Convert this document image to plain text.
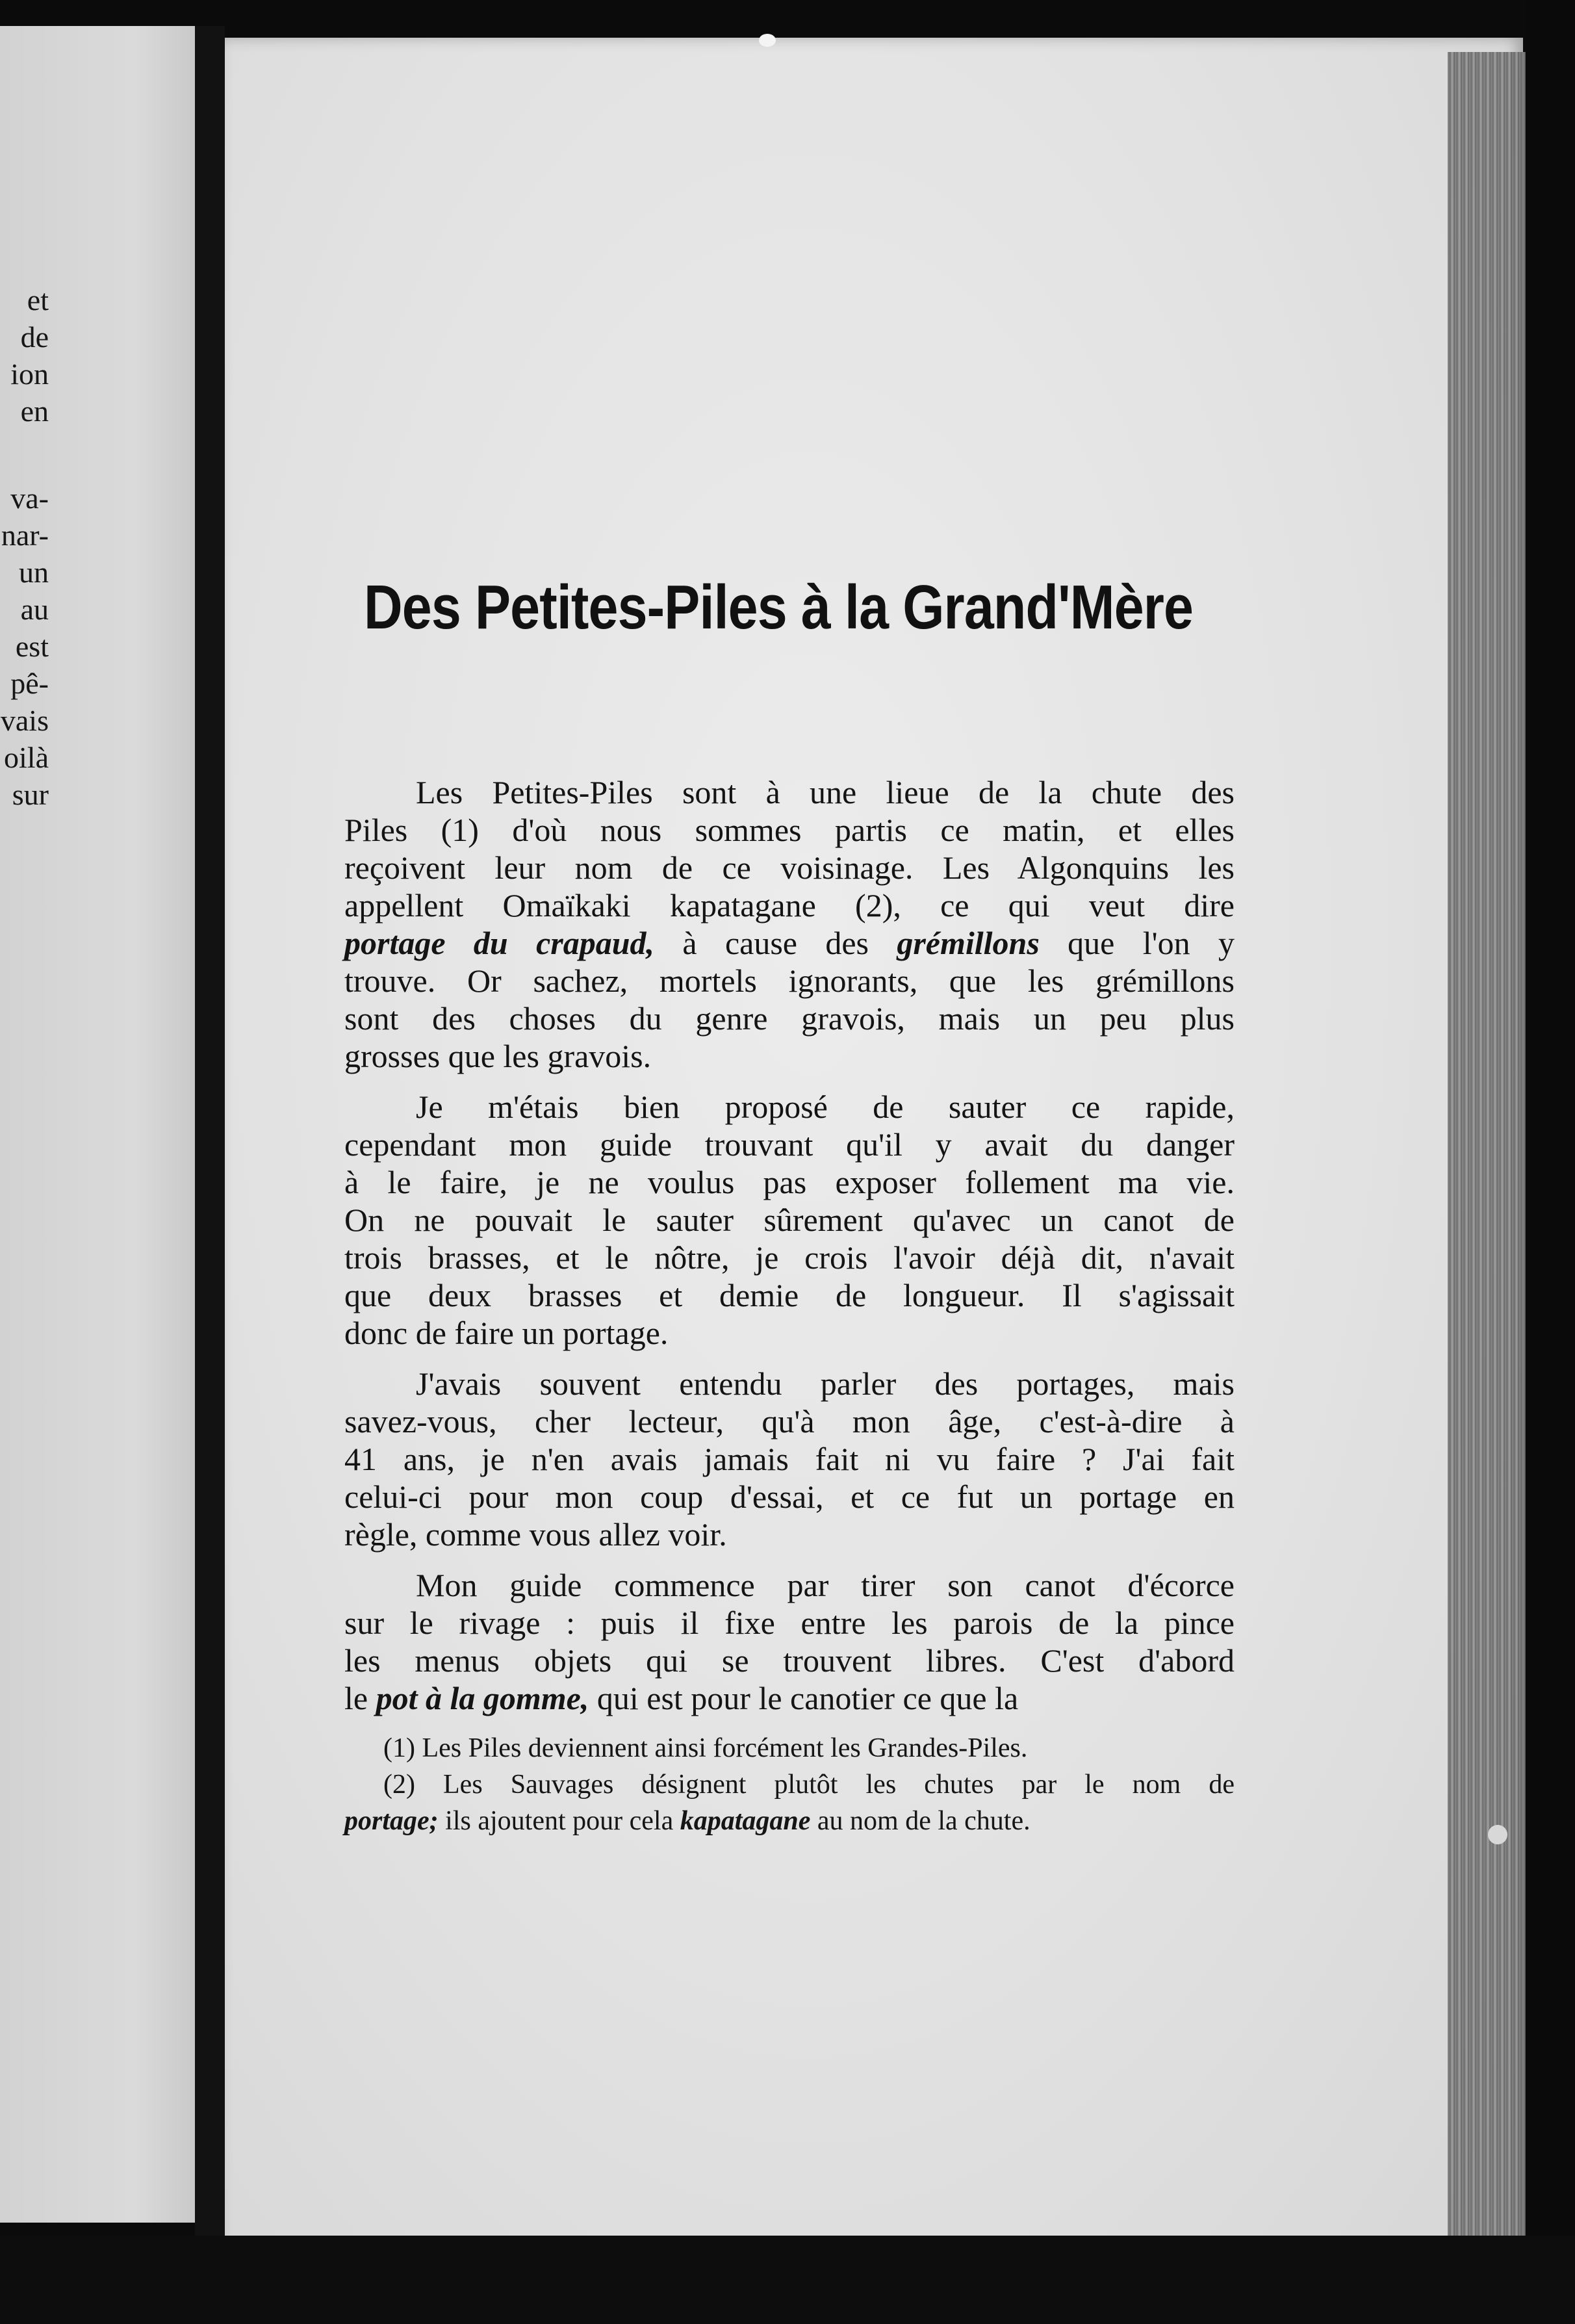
et
de
ion
en
va-
nar-
un
au
est
pê-
vais
oilà
sur
Des Petites-Piles à la Grand'Mère
Les Petites-Piles sont à une lieue de la chute des
Piles (1) d'où nous sommes partis ce matin, et elles
reçoivent leur nom de ce voisinage. Les Algonquins les
appellent Omaïkaki kapatagane (2), ce qui veut dire
portage du crapaud, à cause des grémillons que l'on y
trouve. Or sachez, mortels ignorants, que les grémillons
sont des choses du genre gravois, mais un peu plus
grosses que les gravois.
Je m'étais bien proposé de sauter ce rapide,
cependant mon guide trouvant qu'il y avait du danger
à le faire, je ne voulus pas exposer follement ma vie.
On ne pouvait le sauter sûrement qu'avec un canot de
trois brasses, et le nôtre, je crois l'avoir déjà dit, n'avait
que deux brasses et demie de longueur. Il s'agissait
donc de faire un portage.
J'avais souvent entendu parler des portages, mais
savez-vous, cher lecteur, qu'à mon âge, c'est-à-dire à
41 ans, je n'en avais jamais fait ni vu faire ? J'ai fait
celui-ci pour mon coup d'essai, et ce fut un portage en
règle, comme vous allez voir.
Mon guide commence par tirer son canot d'écorce
sur le rivage : puis il fixe entre les parois de la pince
les menus objets qui se trouvent libres. C'est d'abord
le pot à la gomme, qui est pour le canotier ce que la
(1) Les Piles deviennent ainsi forcément les Grandes-Piles.
(2) Les Sauvages désignent plutôt les chutes par le nom de
portage; ils ajoutent pour cela kapatagane au nom de la chute.
